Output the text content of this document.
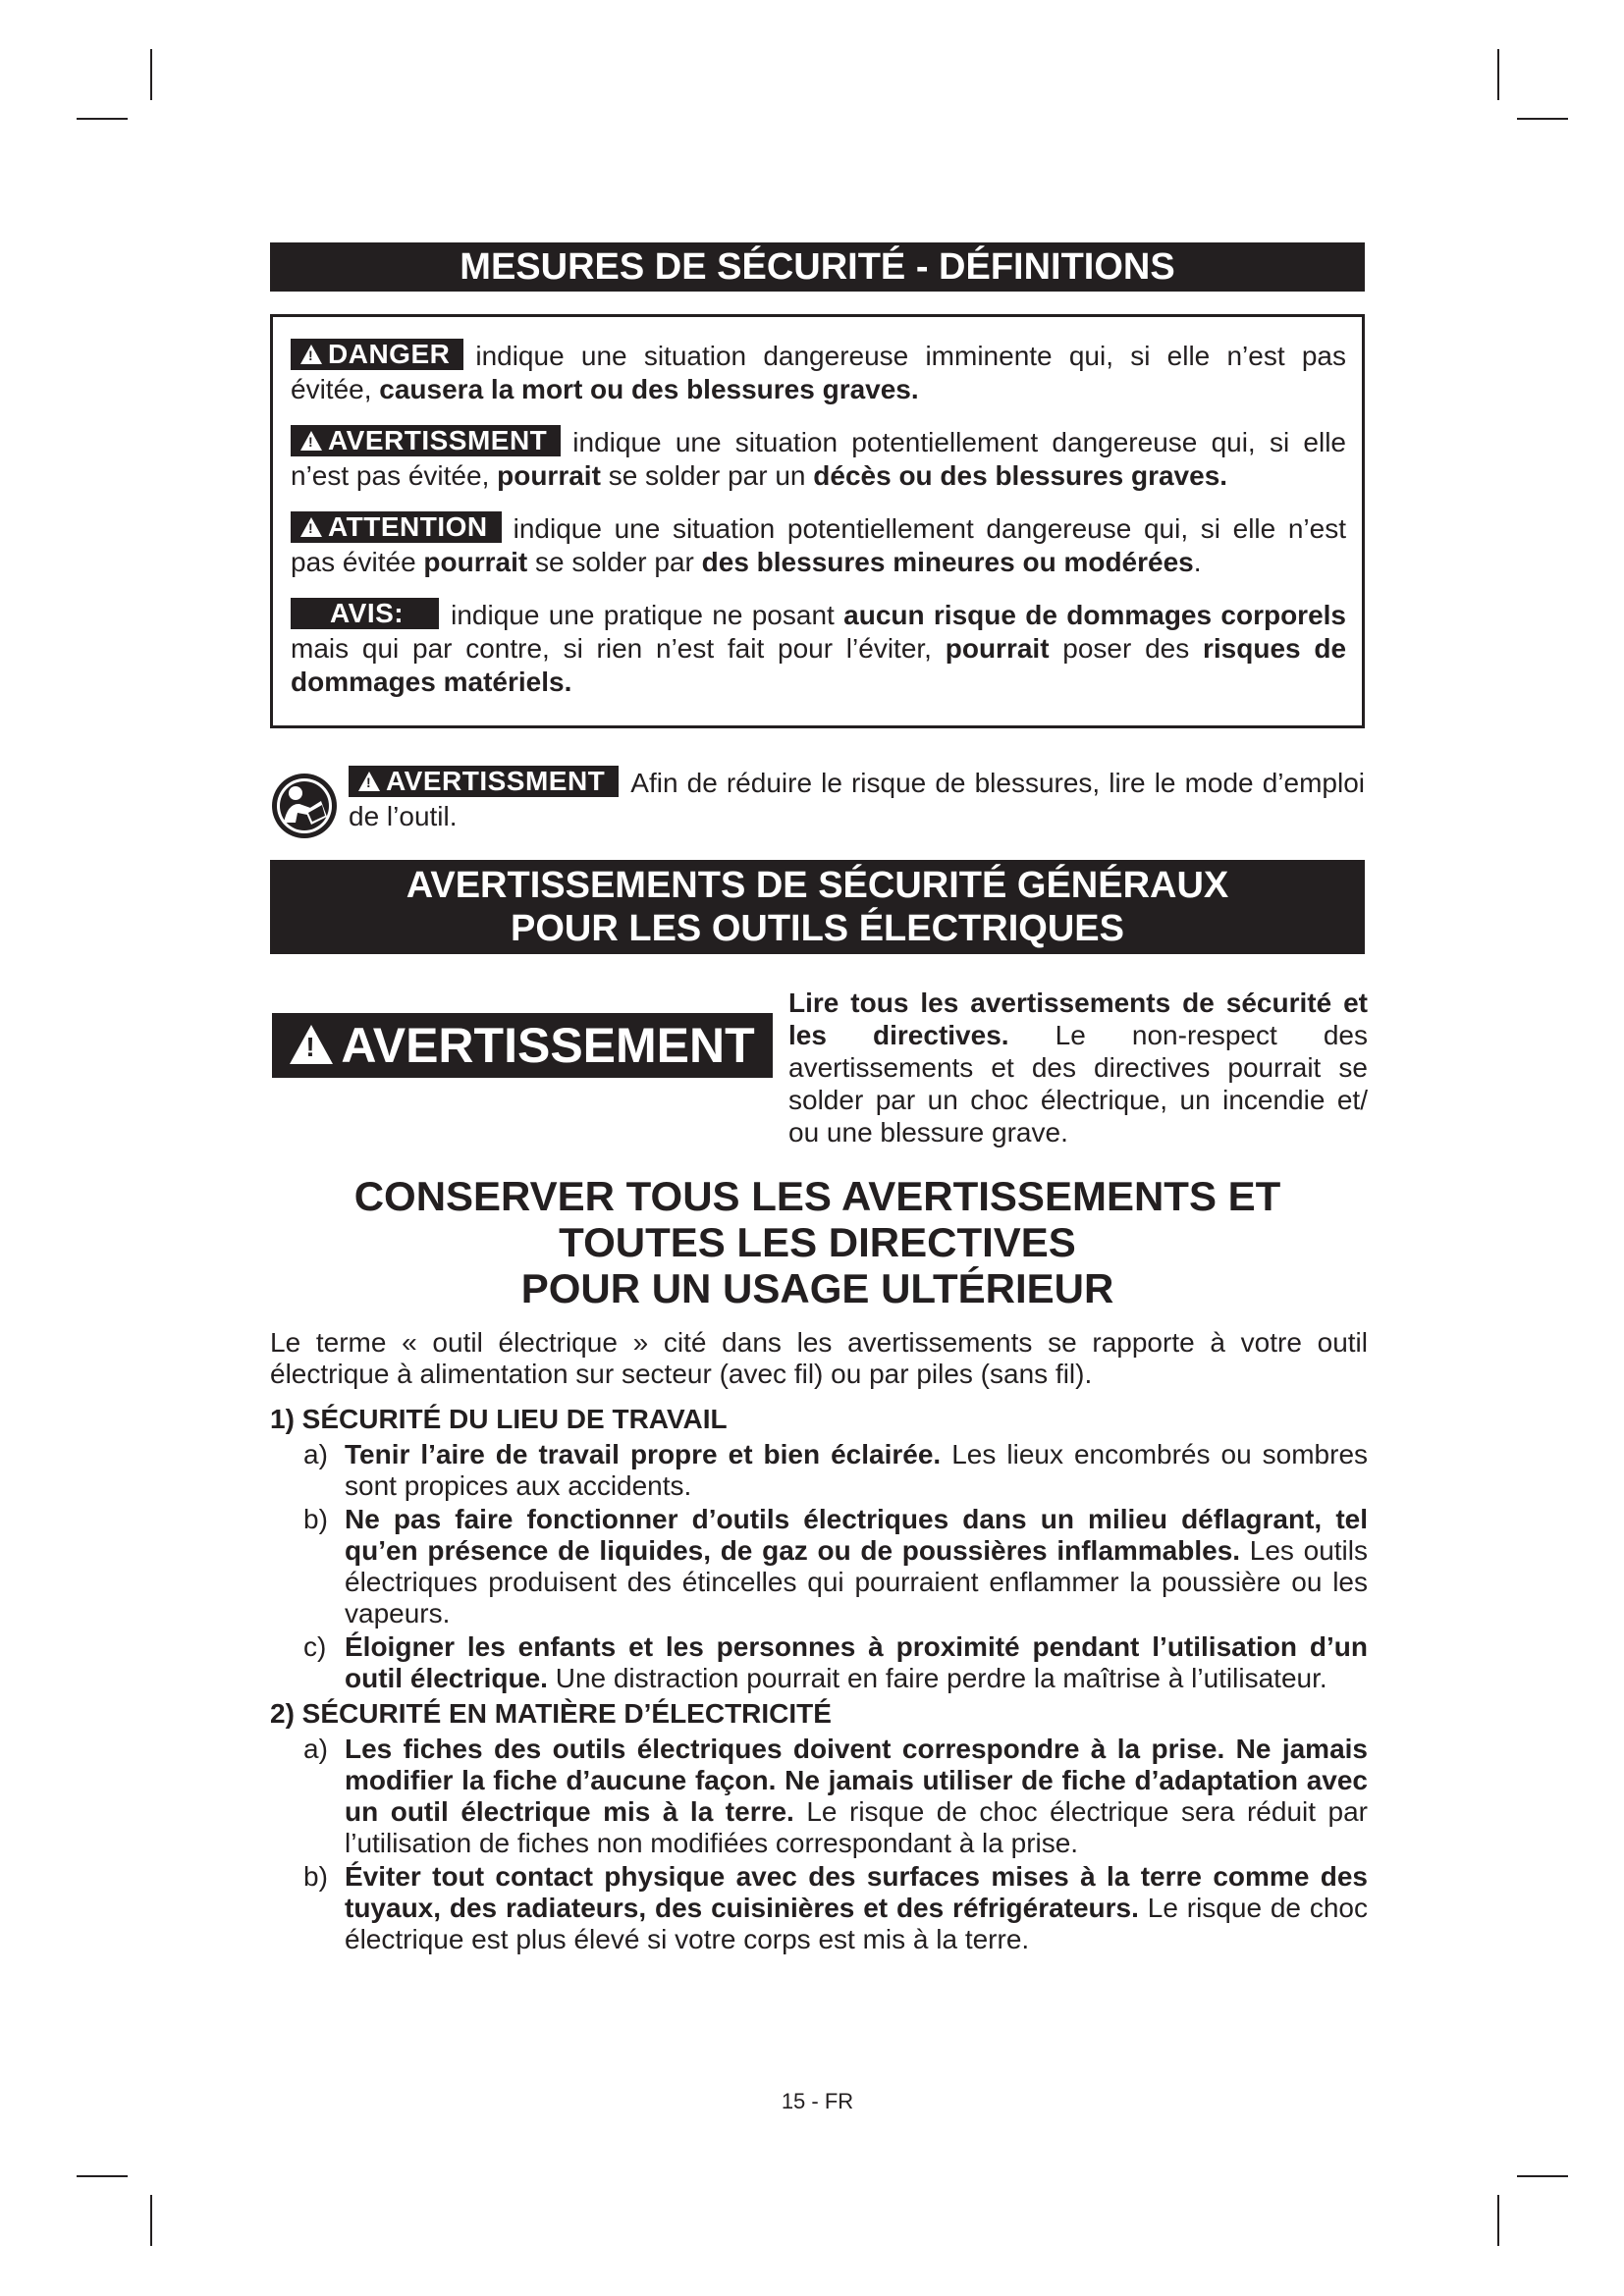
MESURES DE SÉCURITÉ - DÉFINITIONS
!DANGER indique une situation dangereuse imminente qui, si elle n’est pas évitée, causera la mort ou des blessures graves.
!AVERTISSMENT indique une situation potentiellement dangereuse qui, si elle n’est pas évitée, pourrait se solder par un décès ou des blessures graves.
!ATTENTION indique une situation potentiellement dangereuse qui, si elle n’est pas évitée pourrait se solder par des blessures mineures ou modérées.
AVIS: indique une pratique ne posant aucun risque de dommages corporels mais qui par contre, si rien n’est fait pour l’éviter, pourrait poser des risques de dommages matériels.
!AVERTISSMENT Afin de réduire le risque de blessures, lire le mode d’emploi de l’outil.
AVERTISSEMENTS DE SÉCURITÉ GÉNÉRAUX
POUR LES OUTILS ÉLECTRIQUES
!AVERTISSEMENT
Lire tous les avertissements de sécurité et les directives. Le non-respect des avertissements et des directives pourrait se solder par un choc électrique, un incendie et/ ou une blessure grave.
CONSERVER TOUS LES AVERTISSEMENTS ET
TOUTES LES DIRECTIVES
POUR UN USAGE ULTÉRIEUR

Le terme « outil électrique » cité dans les avertissements se rapporte à votre outil électrique à alimentation sur secteur (avec fil) ou par piles (sans fil).

1) SÉCURITÉ DU LIEU DE TRAVAIL
a) Tenir l’aire de travail propre et bien éclairée. Les lieux encombrés ou sombres sont propices aux accidents.
b) Ne pas faire fonctionner d’outils électriques dans un milieu déflagrant, tel qu’en présence de liquides, de gaz ou de poussières inflammables. Les outils électriques produisent des étincelles qui pourraient enflammer la poussière ou les vapeurs.
c) Éloigner les enfants et les personnes à proximité pendant l’utilisation d’un outil électrique. Une distraction pourrait en faire perdre la maîtrise à l’utilisateur.
2) SÉCURITÉ EN MATIÈRE D’ÉLECTRICITÉ
a) Les fiches des outils électriques doivent correspondre à la prise. Ne jamais modifier la fiche d’aucune façon. Ne jamais utiliser de fiche d’adaptation avec un outil électrique mis à la terre. Le risque de choc électrique sera réduit par l’utilisation de fiches non modifiées correspondant à la prise.
b) Éviter tout contact physique avec des surfaces mises à la terre comme des tuyaux, des radiateurs, des cuisinières et des réfrigérateurs. Le risque de choc électrique est plus élevé si votre corps est mis à la terre.
15 - FR
